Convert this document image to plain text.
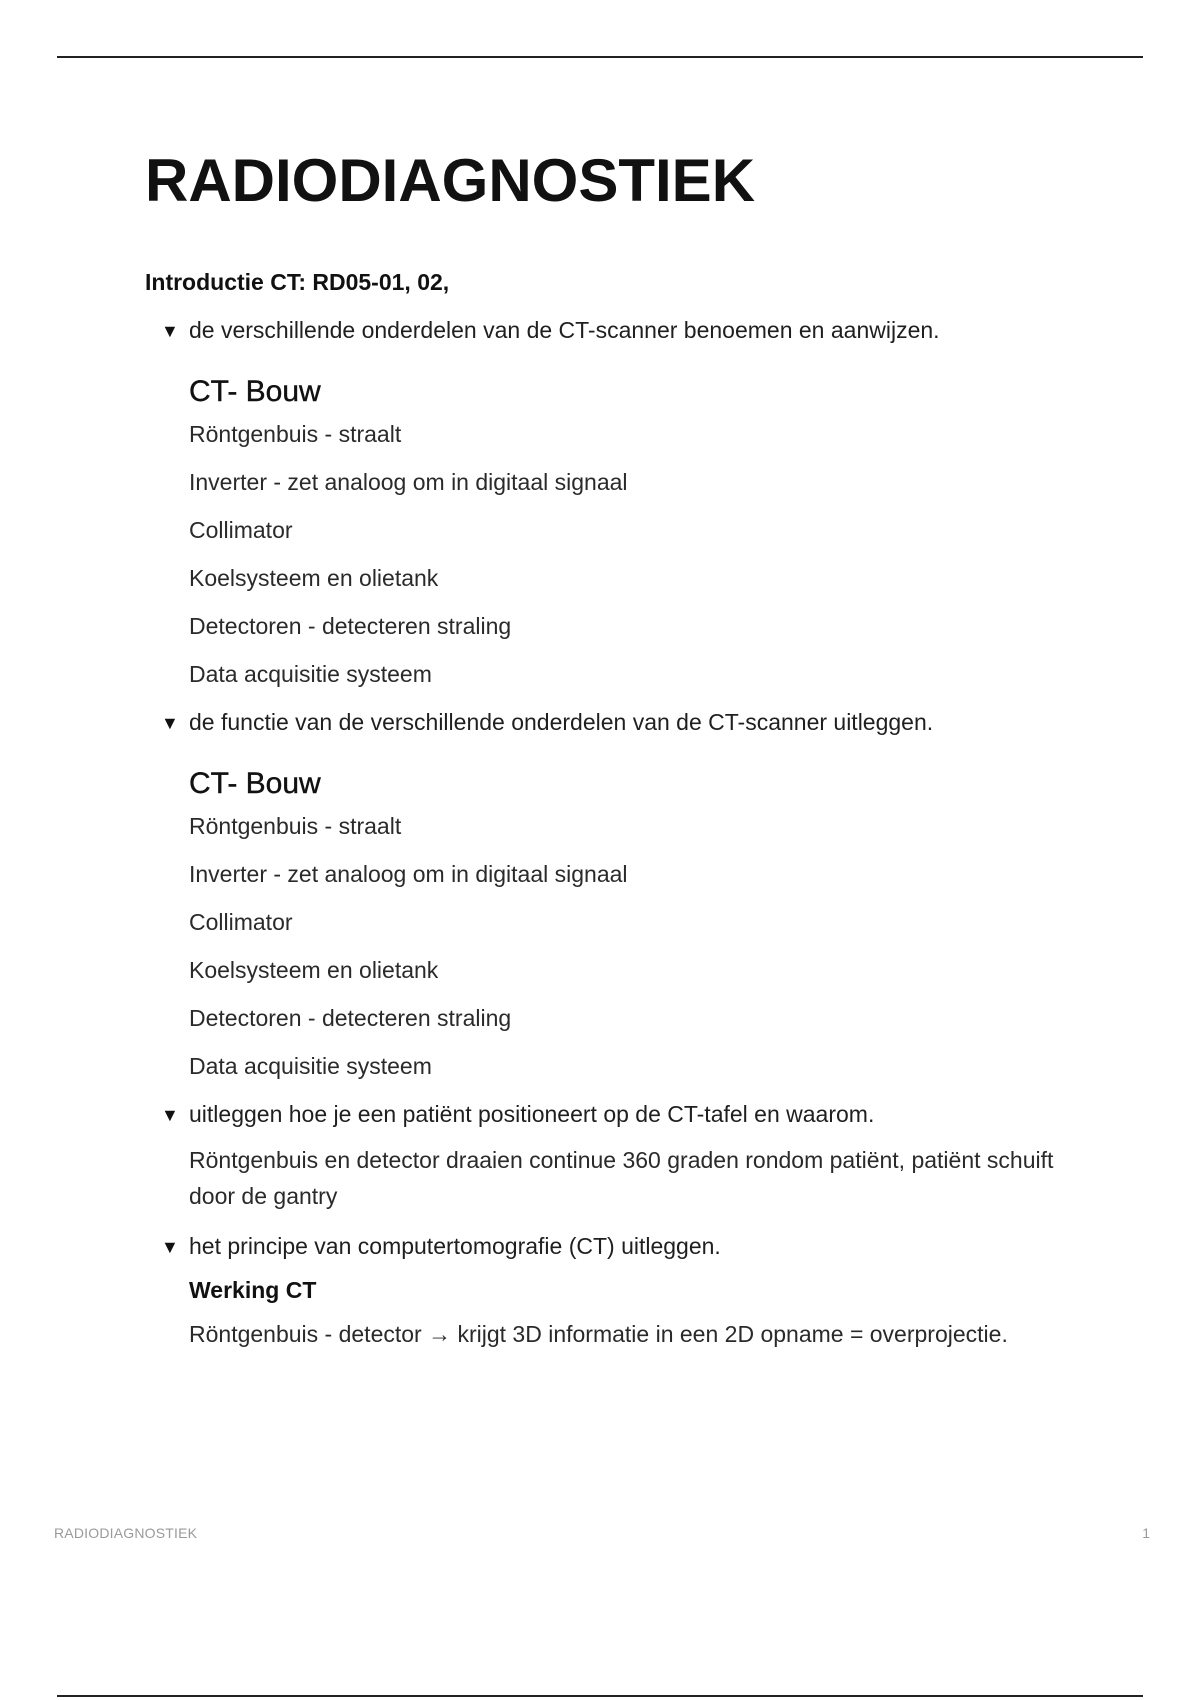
RADIODIAGNOSTIEK
Introductie CT: RD05-01, 02,
▼ de verschillende onderdelen van de CT-scanner benoemen en aanwijzen.
CT- Bouw
Röntgenbuis - straalt
Inverter - zet analoog om in digitaal signaal
Collimator
Koelsysteem en olietank
Detectoren - detecteren straling
Data acquisitie systeem
▼ de functie van de verschillende onderdelen van de CT-scanner uitleggen.
CT- Bouw
Röntgenbuis - straalt
Inverter - zet analoog om in digitaal signaal
Collimator
Koelsysteem en olietank
Detectoren - detecteren straling
Data acquisitie systeem
▼ uitleggen hoe je een patiënt positioneert op de CT-tafel en waarom.
Röntgenbuis en detector draaien continue 360 graden rondom patiënt, patiënt schuift door de gantry
▼ het principe van computertomografie (CT) uitleggen.
Werking CT
Röntgenbuis - detector → krijgt 3D informatie in een 2D opname = overprojectie.
RADIODIAGNOSTIEK	1
